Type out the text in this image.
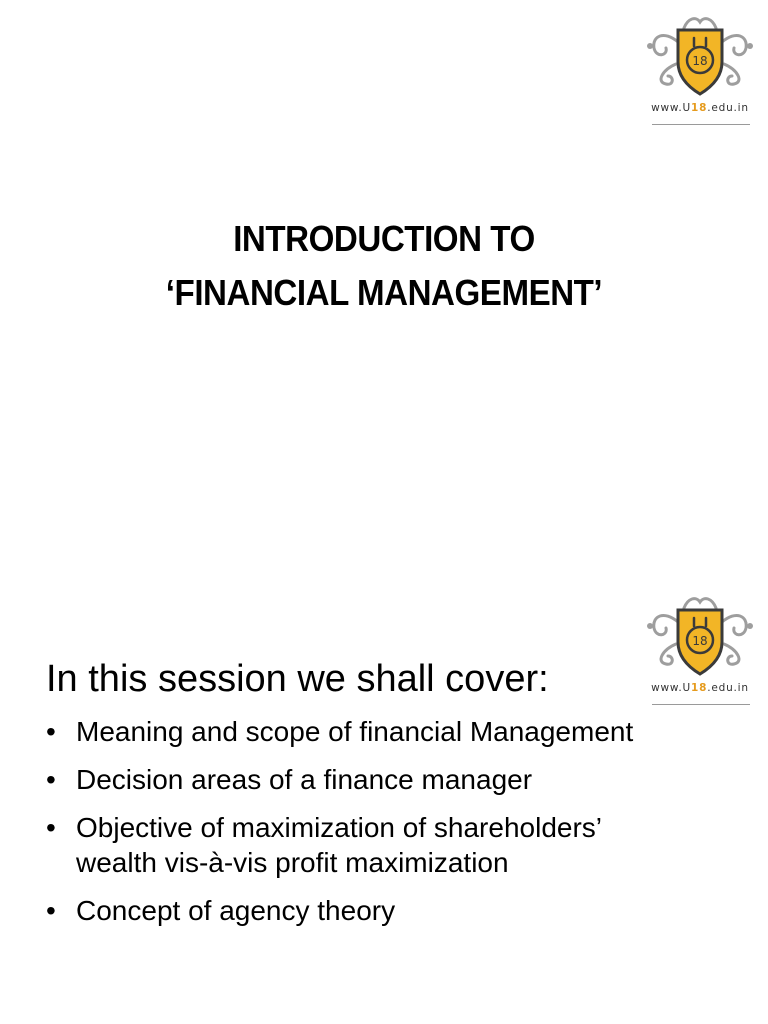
18
www.U18.edu.in
INTRODUCTION TO
‘FINANCIAL MANAGEMENT’
18
www.U18.edu.in
In this session we shall cover:
• Meaning and scope of financial Management
• Decision areas of a finance manager
• Objective of maximization of shareholders’
wealth vis-à-vis profit maximization
• Concept of agency theory
